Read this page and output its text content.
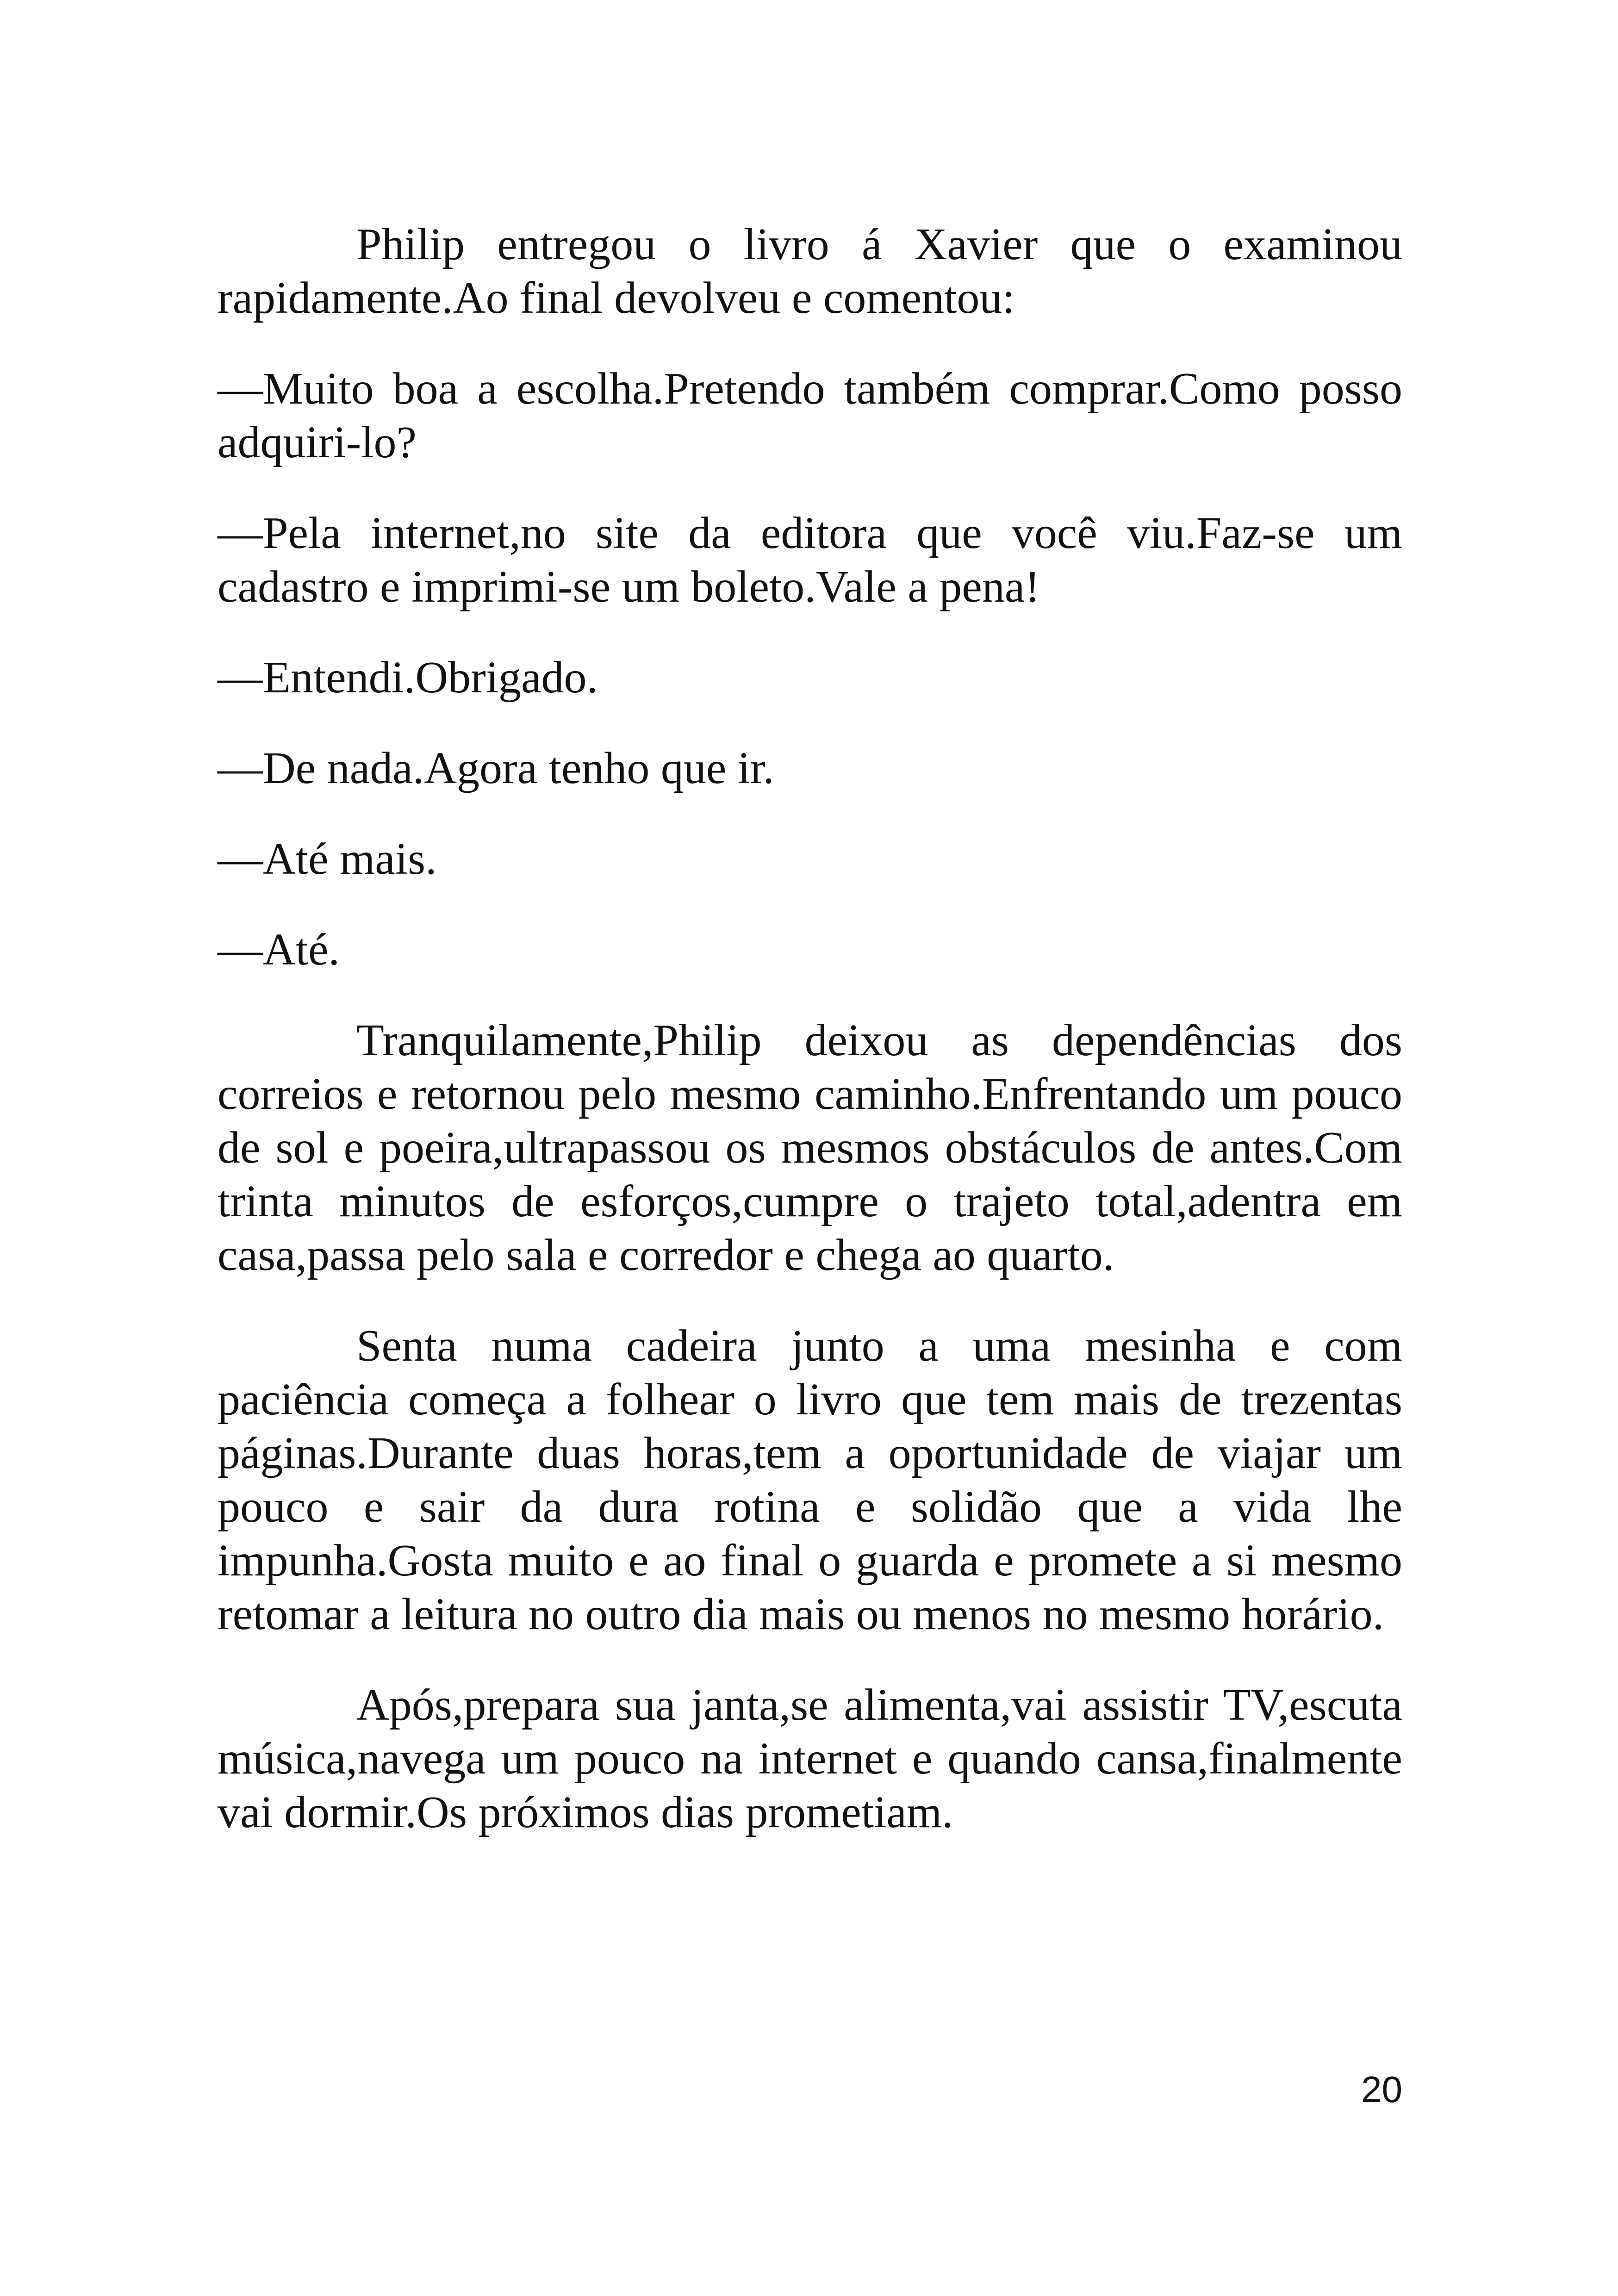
Philip entregou o livro á Xavier que o examinou rapidamente.Ao final devolveu e comentou:

—Muito boa a escolha.Pretendo também comprar.Como posso adquiri-lo?

—Pela internet,no site da editora que você viu.Faz-se um cadastro e imprimi-se um boleto.Vale a pena!

—Entendi.Obrigado.

—De nada.Agora tenho que ir.

—Até mais.

—Até.

Tranquilamente,Philip deixou as dependências dos correios e retornou pelo mesmo caminho.Enfrentando um pouco de sol e poeira,ultrapassou os mesmos obstáculos de antes.Com trinta minutos de esforços,cumpre o trajeto total,adentra em casa,passa pelo sala e corredor e chega ao quarto.

Senta numa cadeira junto a uma mesinha e com paciência começa a folhear o livro que tem mais de trezentas páginas.Durante duas horas,tem a oportunidade de viajar um pouco e sair da dura rotina e solidão que a vida lhe impunha.Gosta muito e ao final o guarda e promete a si mesmo retomar a leitura no outro dia mais ou menos no mesmo horário.

Após,prepara sua janta,se alimenta,vai assistir TV,escuta música,navega um pouco na internet e quando cansa,finalmente vai dormir.Os próximos dias prometiam.

20
